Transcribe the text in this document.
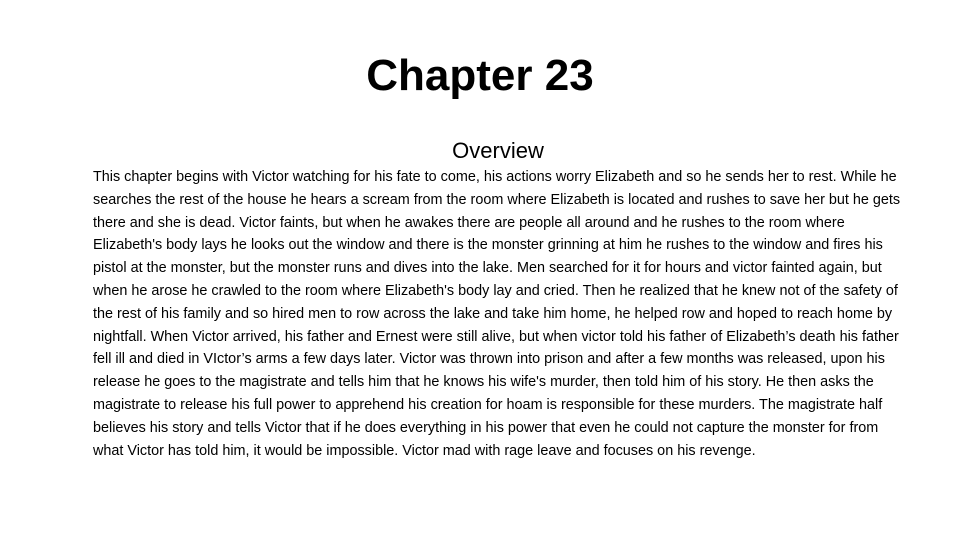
Chapter 23

Overview

This chapter begins with Victor watching for his fate to come, his actions worry Elizabeth and so he sends her to rest. While he searches the rest of the house he hears a scream from the room where Elizabeth is located and rushes to save her but he gets there and she is dead. Victor faints, but when he awakes there are people all around and he rushes to the room where Elizabeth's body lays he looks out the window and there is the monster grinning at him he rushes to the window and fires his pistol at the monster, but the monster runs and dives into the lake. Men searched for it for hours and victor fainted again, but when he arose he crawled to the room where Elizabeth's body lay and cried. Then he realized that he knew not of the safety of the rest of his family and so hired men to row across the lake and take him home, he helped row and hoped to reach home by nightfall. When Victor arrived, his father and Ernest were still alive, but when victor told his father of Elizabeth’s death his father fell ill and died in VIctor’s arms a few days later. Victor was thrown into prison and after a few months was released, upon his release he goes to the magistrate and tells him that he knows his wife's murder, then told him of his story. He then asks the magistrate to release his full power to apprehend his creation for hoam is responsible for these murders. The magistrate half believes his story and tells Victor that if he does everything in his power that even he could not capture the monster for from what Victor has told him, it would be impossible. Victor mad with rage leave and focuses on his revenge.
